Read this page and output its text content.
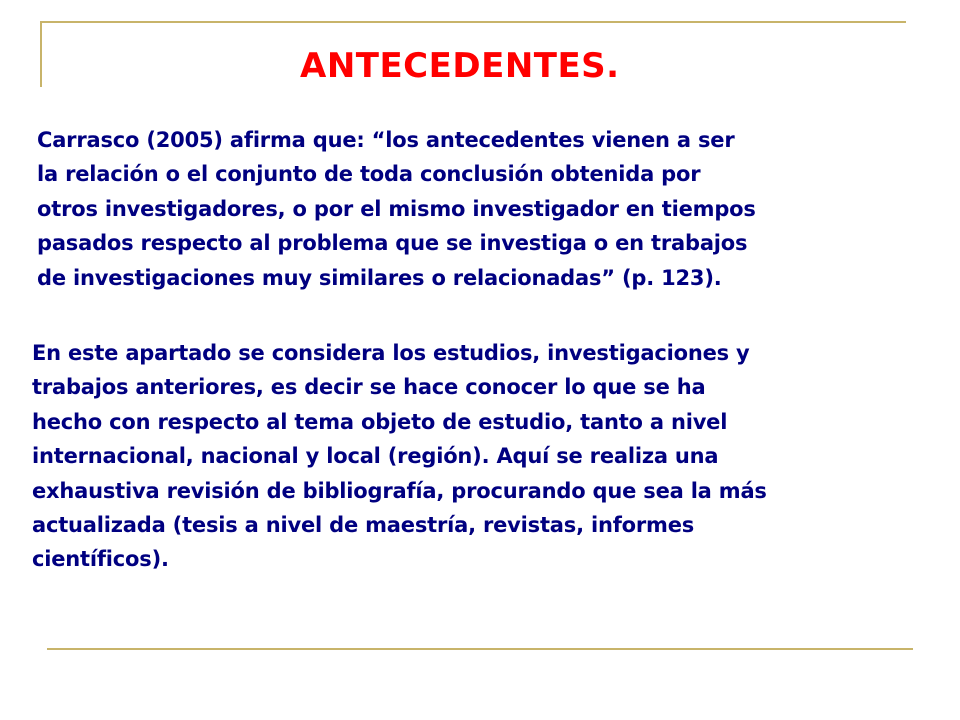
ANTECEDENTES.
Carrasco (2005) afirma que: “los antecedentes vienen a ser
la relación o el conjunto de toda conclusión obtenida por
otros investigadores, o por el mismo investigador en tiempos
pasados respecto al problema que se investiga o en trabajos
de investigaciones muy similares o relacionadas” (p. 123).
En este apartado se considera los estudios, investigaciones y
trabajos anteriores, es decir se hace conocer lo que se ha
hecho con respecto al tema objeto de estudio, tanto a nivel
internacional, nacional y local (región). Aquí se realiza una
exhaustiva revisión de bibliografía, procurando que sea la más
actualizada (tesis a nivel de maestría, revistas, informes
científicos).
